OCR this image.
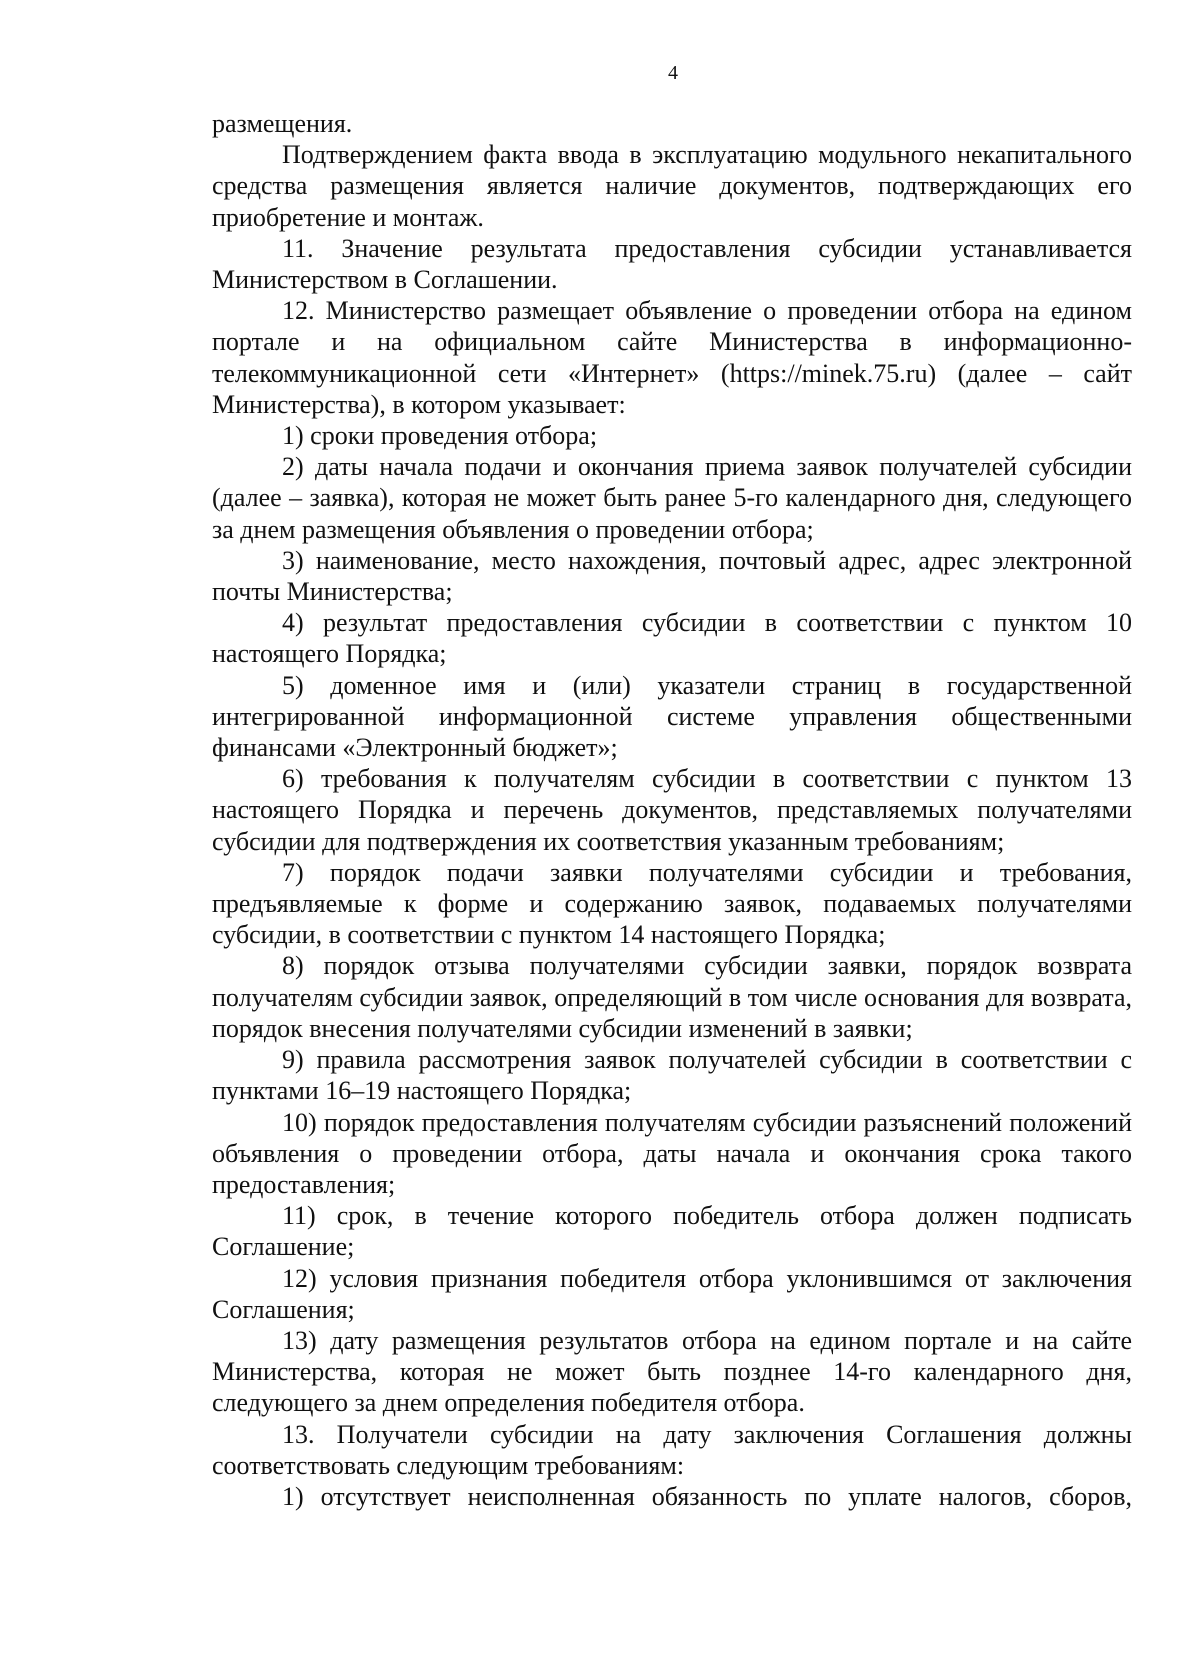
4

размещения.

Подтверждением факта ввода в эксплуатацию модульного некапитального средства размещения является наличие документов, подтверждающих его приобретение и монтаж.

11. Значение результата предоставления субсидии устанавливается Министерством в Соглашении.

12. Министерство размещает объявление о проведении отбора на едином портале и на официальном сайте Министерства в информационно-телекоммуникационной сети «Интернет» (https://minek.75.ru) (далее – сайт Министерства), в котором указывает:

1) сроки проведения отбора;

2) даты начала подачи и окончания приема заявок получателей субсидии (далее – заявка), которая не может быть ранее 5-го календарного дня, следующего за днем размещения объявления о проведении отбора;

3) наименование, место нахождения, почтовый адрес, адрес электронной почты Министерства;

4) результат предоставления субсидии в соответствии с пунктом 10 настоящего Порядка;

5) доменное имя и (или) указатели страниц в государственной интегрированной информационной системе управления общественными финансами «Электронный бюджет»;

6) требования к получателям субсидии в соответствии с пунктом 13 настоящего Порядка и перечень документов, представляемых получателями субсидии для подтверждения их соответствия указанным требованиям;

7) порядок подачи заявки получателями субсидии и требования, предъявляемые к форме и содержанию заявок, подаваемых получателями субсидии, в соответствии с пунктом 14 настоящего Порядка;

8) порядок отзыва получателями субсидии заявки, порядок возврата получателям субсидии заявок, определяющий в том числе основания для возврата, порядок внесения получателями субсидии изменений в заявки;

9) правила рассмотрения заявок получателей субсидии в соответствии с пунктами 16–19 настоящего Порядка;

10) порядок предоставления получателям субсидии разъяснений положений объявления о проведении отбора, даты начала и окончания срока такого предоставления;

11) срок, в течение которого победитель отбора должен подписать Соглашение;

12) условия признания победителя отбора уклонившимся от заключения Соглашения;

13) дату размещения результатов отбора на едином портале и на сайте Министерства, которая не может быть позднее 14-го календарного дня, следующего за днем определения победителя отбора.

13. Получатели субсидии на дату заключения Соглашения должны соответствовать следующим требованиям:

1) отсутствует неисполненная обязанность по уплате налогов, сборов,
